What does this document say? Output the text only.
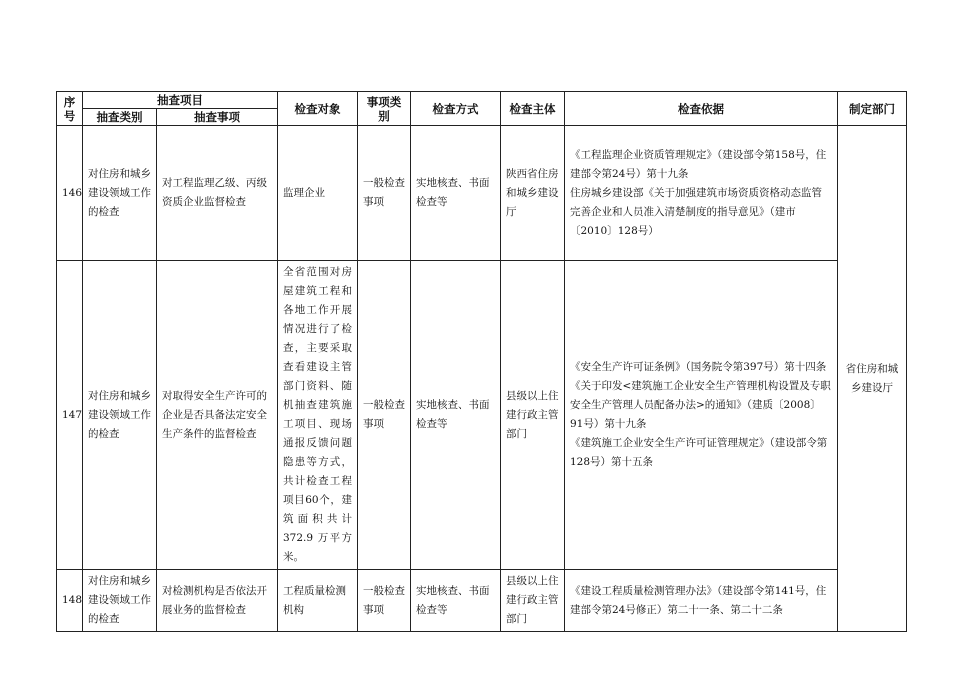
序
号	抽查项目		检查对象	事项类别	检查方式	检查主体	检查依据	制定部门
	抽查类别	抽查事项						
146	对住房和城乡建设领域工作的检查	对工程监理乙级、丙级资质企业监督检查	监理企业	一般检查事项	实地核查、书面检查等	陕西省住房和城乡建设厅	《工程监理企业资质管理规定》（建设部令第158号，住建部令第24号）第十九条
住房城乡建设部《关于加强建筑市场资质资格动态监管完善企业和人员准入清楚制度的指导意见》（建市〔2010〕128号）	省住房和城乡建设厅
147	对住房和城乡建设领域工作的检查	对取得安全生产许可的企业是否具备法定安全生产条件的监督检查	全省范围对房屋建筑工程和各地工作开展情况进行了检查，主要采取查看建设主管部门资料、随机抽查建筑施工项目、现场通报反馈问题隐患等方式，共计检查工程项目60个，建筑面积共计372.9 万平方米。	一般检查事项	实地核查、书面检查等	县级以上住建行政主管部门	《安全生产许可证条例》（国务院令第397号）第十四条
《关于印发<建筑施工企业安全生产管理机构设置及专职安全生产管理人员配备办法>的通知》（建质〔2008〕91号）第十九条
《建筑施工企业安全生产许可证管理规定》（建设部令第128号）第十五条	

148	对住房和城乡建设领域工作的检查	对检测机构是否依法开展业务的监督检查	工程质量检测机构	一般检查事项	实地核查、书面检查等	县级以上住建行政主管部门	《建设工程质量检测管理办法》（建设部令第141号，住建部令第24号修正）第二十一条、第二十二条	
